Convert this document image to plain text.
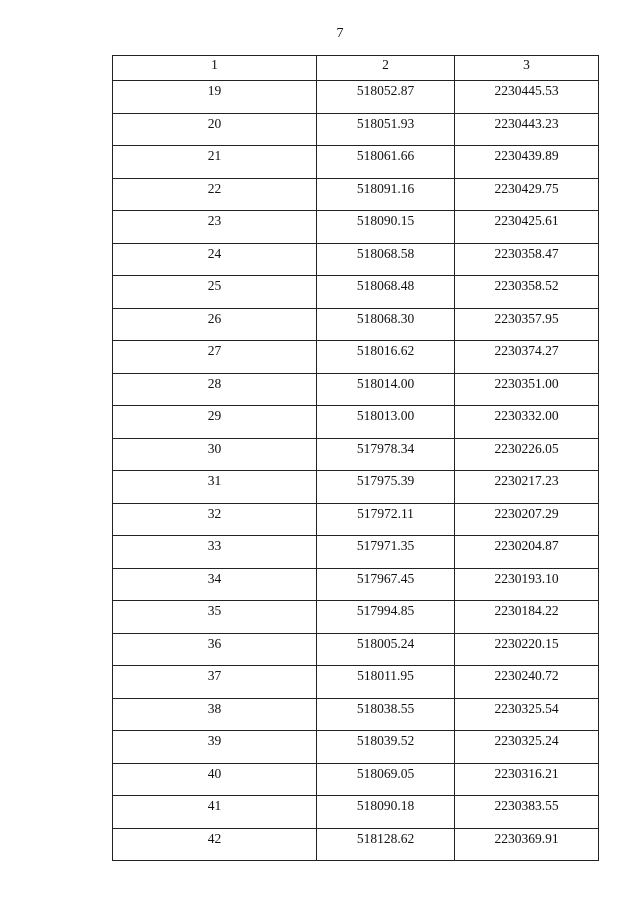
7
1	2	3
19	518052.87	2230445.53
20	518051.93	2230443.23
21	518061.66	2230439.89
22	518091.16	2230429.75
23	518090.15	2230425.61
24	518068.58	2230358.47
25	518068.48	2230358.52
26	518068.30	2230357.95
27	518016.62	2230374.27
28	518014.00	2230351.00
29	518013.00	2230332.00
30	517978.34	2230226.05
31	517975.39	2230217.23
32	517972.11	2230207.29
33	517971.35	2230204.87
34	517967.45	2230193.10
35	517994.85	2230184.22
36	518005.24	2230220.15
37	518011.95	2230240.72
38	518038.55	2230325.54
39	518039.52	2230325.24
40	518069.05	2230316.21
41	518090.18	2230383.55
42	518128.62	2230369.91
